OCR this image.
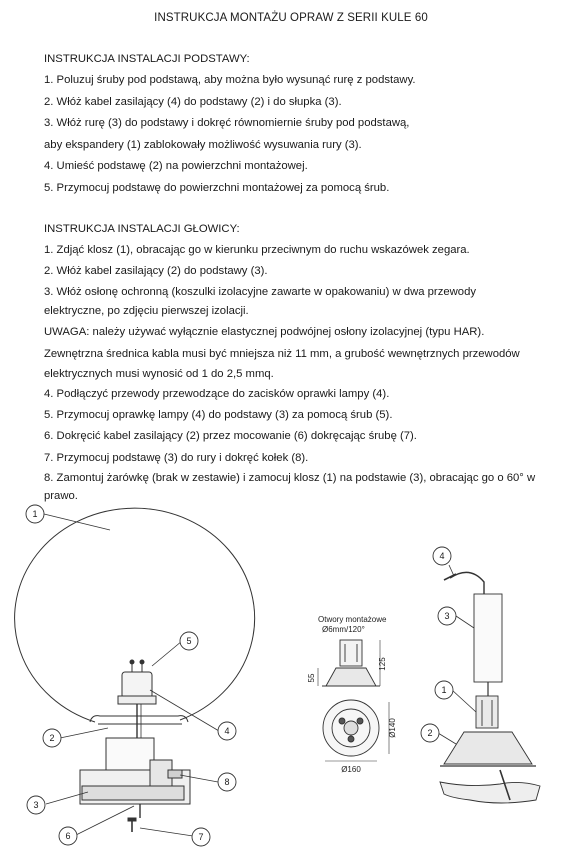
INSTRUKCJA MONTAŻU OPRAW Z SERII KULE 60
INSTRUKCJA INSTALACJI PODSTAWY:
1. Poluzuj śruby pod podstawą, aby można było wysunąć rurę z podstawy.
2. Włóż kabel zasilający (4) do podstawy (2) i do słupka (3).
3. Włóż rurę (3) do podstawy i dokręć równomiernie śruby pod podstawą,
aby ekspandery (1) zablokowały możliwość wysuwania rury (3).
4. Umieść podstawę (2) na powierzchni montażowej.
5. Przymocuj podstawę do powierzchni montażowej za pomocą śrub.
INSTRUKCJA INSTALACJI GŁOWICY:
1. Zdjąć klosz (1), obracając go w kierunku przeciwnym do ruchu wskazówek zegara.
2. Włóż kabel zasilający (2) do podstawy (3).
3. Włóż osłonę ochronną (koszulki izolacyjne zawarte w opakowaniu) w dwa przewody
elektryczne, po zdjęciu pierwszej izolacji.
UWAGA: należy używać wyłącznie elastycznej podwójnej osłony izolacyjnej (typu HAR).
Zewnętrzna średnica kabla musi być mniejsza niż 11 mm, a grubość wewnętrznych przewodów
elektrycznych musi wynosić od 1 do 2,5 mmq.
4. Podłączyć przewody przewodzące do zacisków oprawki lampy (4).
5. Przymocuj oprawkę lampy (4) do podstawy (3) za pomocą śrub (5).
6. Dokręcić kabel zasilający (2) przez mocowanie (6) dokręcając śrubę (7).
7. Przymocuj podstawę (3) do rury i dokręć kołek (8).
8. Zamontuj żarówkę (brak w zestawie) i zamocuj klosz (1) na podstawie (3), obracając go o 60° w
prawo.
1
2
3
4
5
6	7
8
Otwory montażowe
Ø6mm/120°
125
55
Ø160
Ø140
1
2
3
4
